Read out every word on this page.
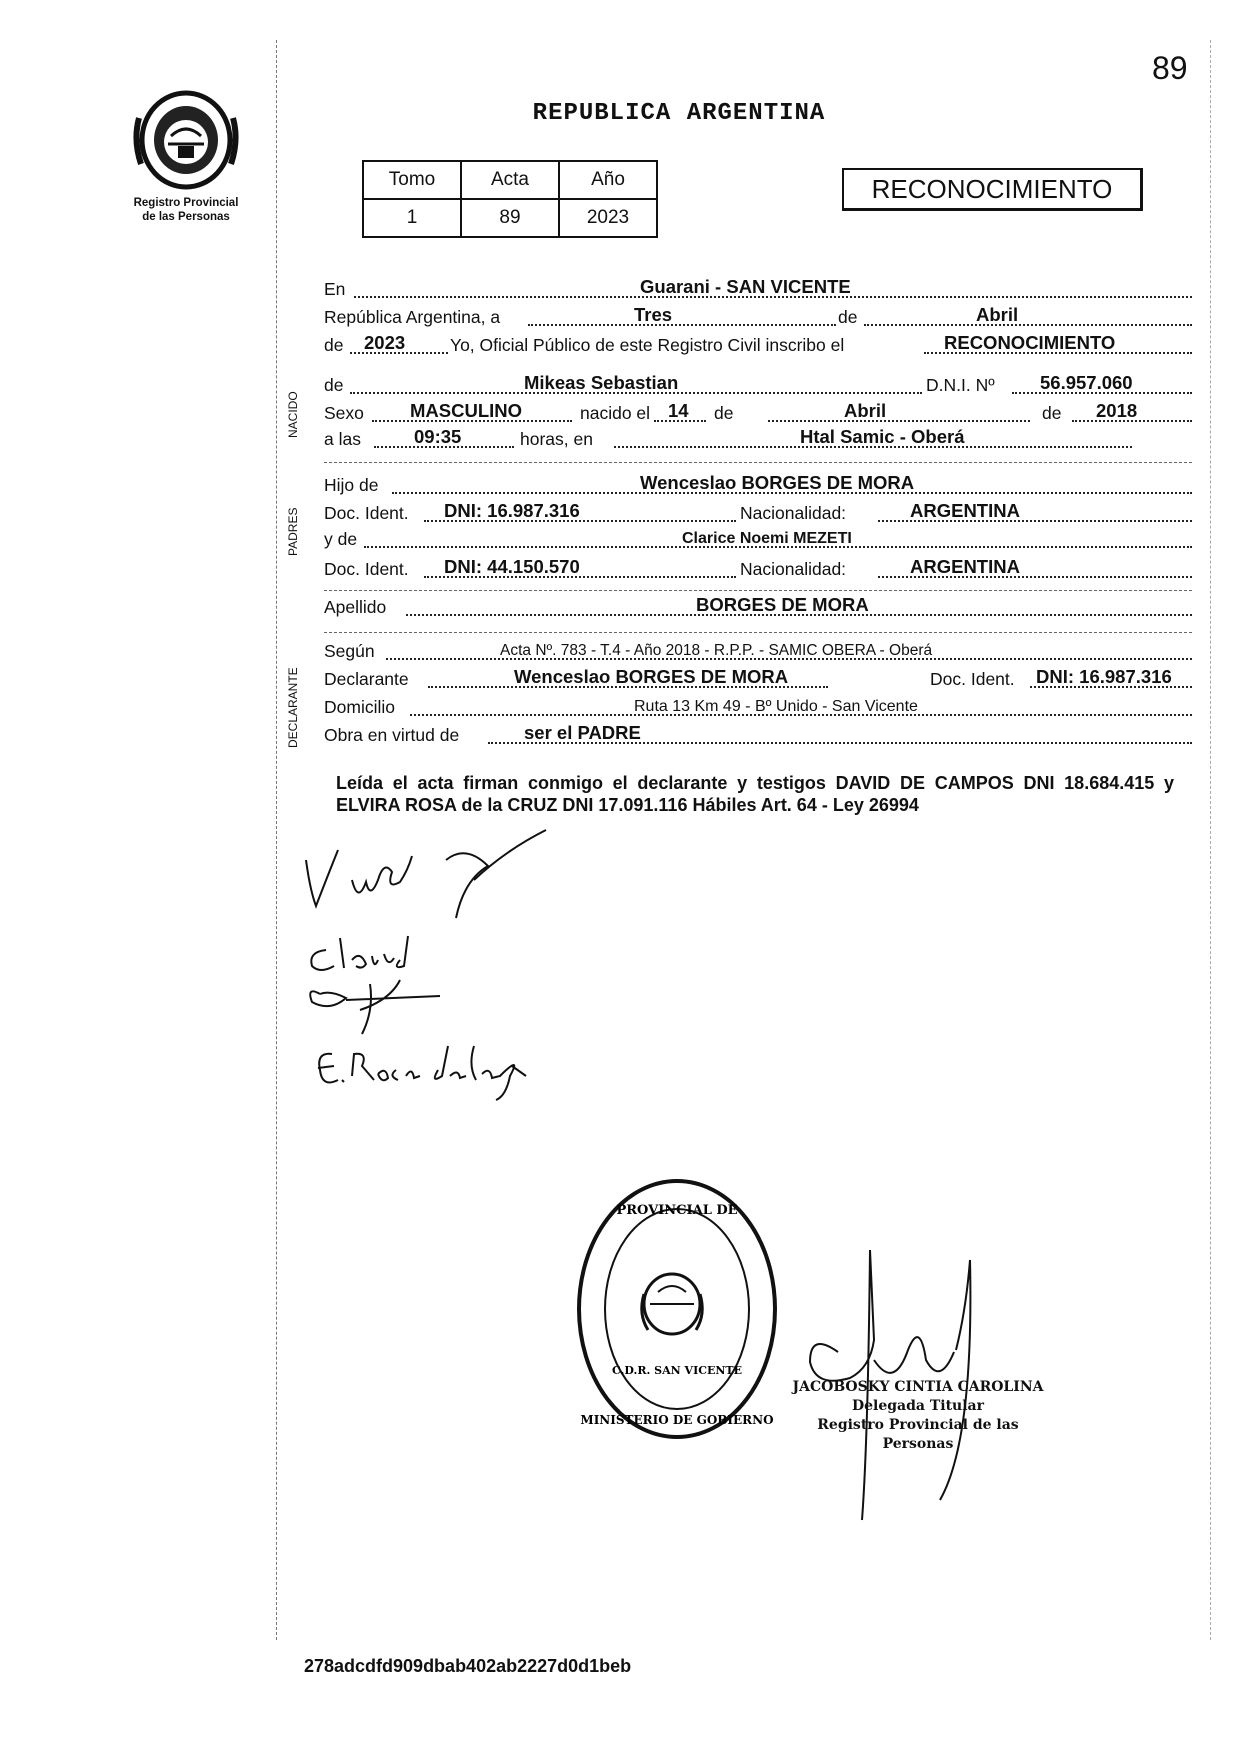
89
Registro Provincial
de las Personas
REPUBLICA ARGENTINA
Tomo	Acta	Año
1	89	2023
RECONOCIMIENTO
NACIDO
PADRES
DECLARANTE
En	Guarani - SAN VICENTE
República Argentina, a	Tres	de	Abril
de 2023	Yo, Oficial Público de este Registro Civil inscribo el	RECONOCIMIENTO
de	Mikeas Sebastian	D.N.I. Nº 56.957.060
Sexo MASCULINO	nacido el 14 de	Abril	de 2018
a las	09:35	horas, en	Htal Samic - Oberá
Hijo de	Wenceslao BORGES DE MORA
Doc. Ident. DNI: 16.987.316	Nacionalidad:	ARGENTINA
y de	Clarice Noemi MEZETI
Doc. Ident. DNI: 44.150.570	Nacionalidad:	ARGENTINA
Apellido	BORGES DE MORA
Según	Acta Nº. 783 - T.4 - Año 2018 - R.P.P. - SAMIC OBERA - Oberá
Declarante	Wenceslao BORGES DE MORA	Doc. Ident. DNI: 16.987.316
Domicilio	Ruta 13 Km 49 - Bº Unido - San Vicente
Obra en virtud de	ser el PADRE
Leída el acta firman conmigo el declarante y testigos DAVID DE CAMPOS DNI 18.684.415 y ELVIRA ROSA de la CRUZ DNI 17.091.116 Hábiles Art. 64 - Ley 26994
PROVINCIAL DE
MINISTERIO DE GOBIERNO
C.D.R. SAN VICENTE
JACOBOSKY CINTIA CAROLINA
Delegada Titular
Registro Provincial de las Personas
278adcdfd909dbab402ab2227d0d1beb
